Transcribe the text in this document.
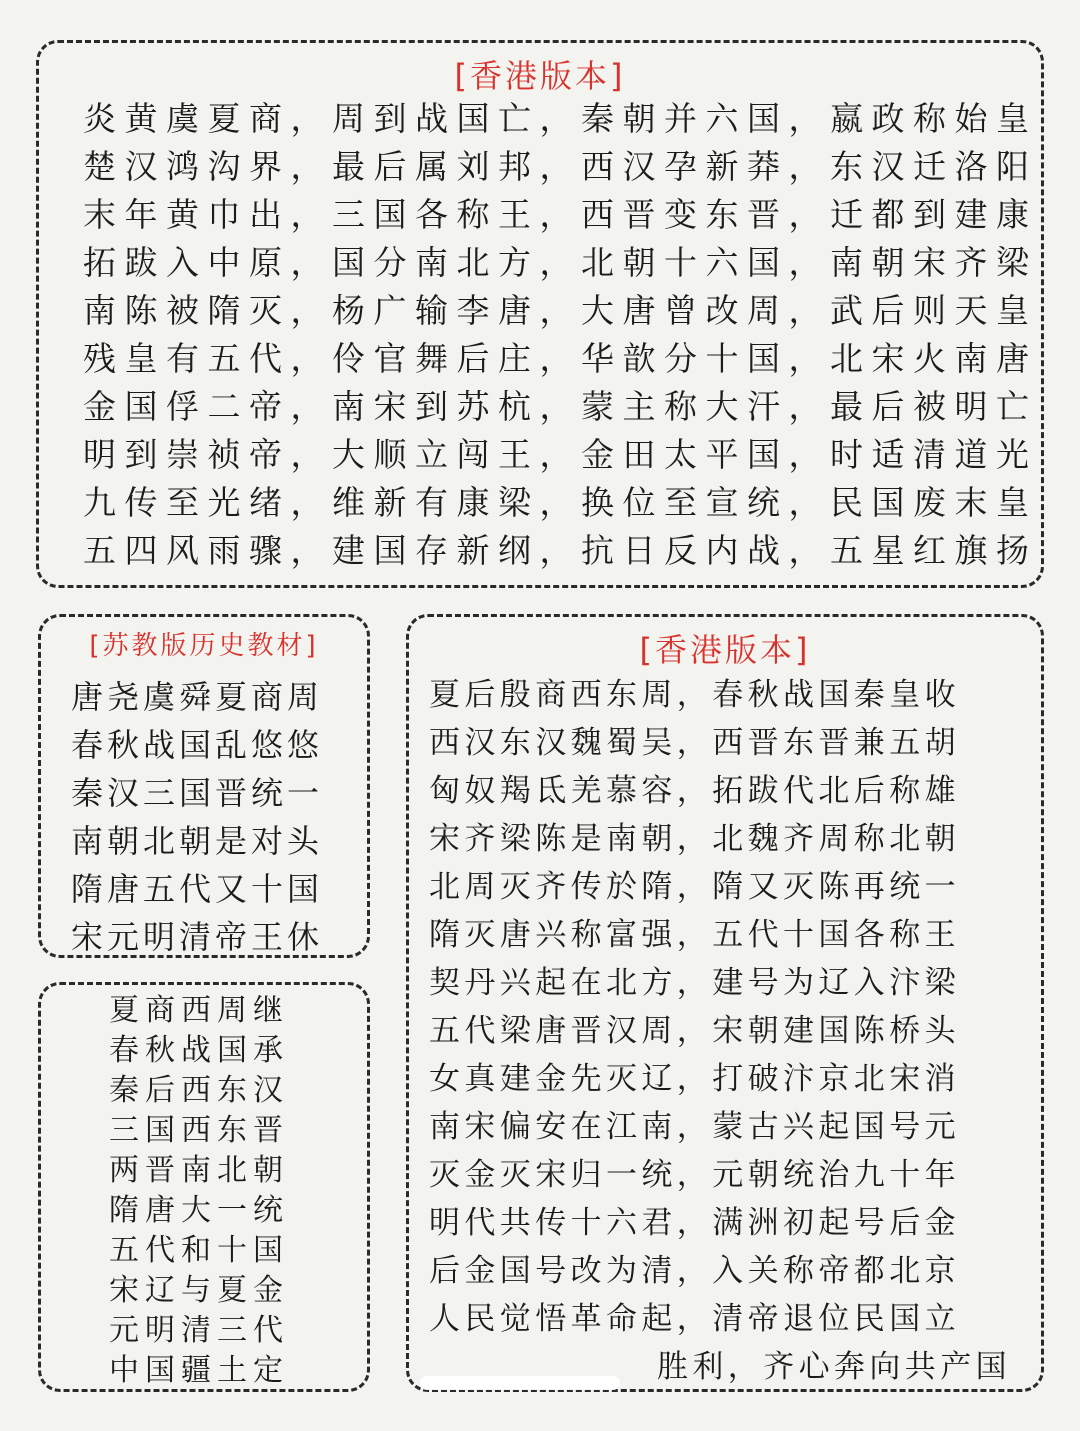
[香港版本]
炎黄虞夏商，周到战国亡，秦朝并六国，嬴政称始皇
楚汉鸿沟界，最后属刘邦，西汉孕新莽，东汉迁洛阳
末年黄巾出，三国各称王，西晋变东晋，迁都到建康
拓跋入中原，国分南北方，北朝十六国，南朝宋齐梁
南陈被隋灭，杨广输李唐，大唐曾改周，武后则天皇
残皇有五代，伶官舞后庄，华歆分十国，北宋火南唐
金国俘二帝，南宋到苏杭，蒙主称大汗，最后被明亡
明到崇祯帝，大顺立闯王，金田太平国，时适清道光
九传至光绪，维新有康梁，换位至宣统，民国废末皇
五四风雨骤，建国存新纲，抗日反内战，五星红旗扬
[苏教版历史教材]
唐尧虞舜夏商周
春秋战国乱悠悠
秦汉三国晋统一
南朝北朝是对头
隋唐五代又十国
宋元明清帝王休
夏商西周继
春秋战国承
秦后西东汉
三国西东晋
两晋南北朝
隋唐大一统
五代和十国
宋辽与夏金
元明清三代
中国疆土定
[香港版本]
夏后殷商西东周，春秋战国秦皇收
西汉东汉魏蜀吴，西晋东晋兼五胡
匈奴羯氐羌慕容，拓跋代北后称雄
宋齐梁陈是南朝，北魏齐周称北朝
北周灭齐传於隋，隋又灭陈再统一
隋灭唐兴称富强，五代十国各称王
契丹兴起在北方，建号为辽入汴梁
五代梁唐晋汉周，宋朝建国陈桥头
女真建金先灭辽，打破汴京北宋消
南宋偏安在江南，蒙古兴起国号元
灭金灭宋归一统，元朝统治九十年
明代共传十六君，满洲初起号后金
后金国号改为清，入关称帝都北京
人民觉悟革命起，清帝退位民国立
胜利，齐心奔向共产国
